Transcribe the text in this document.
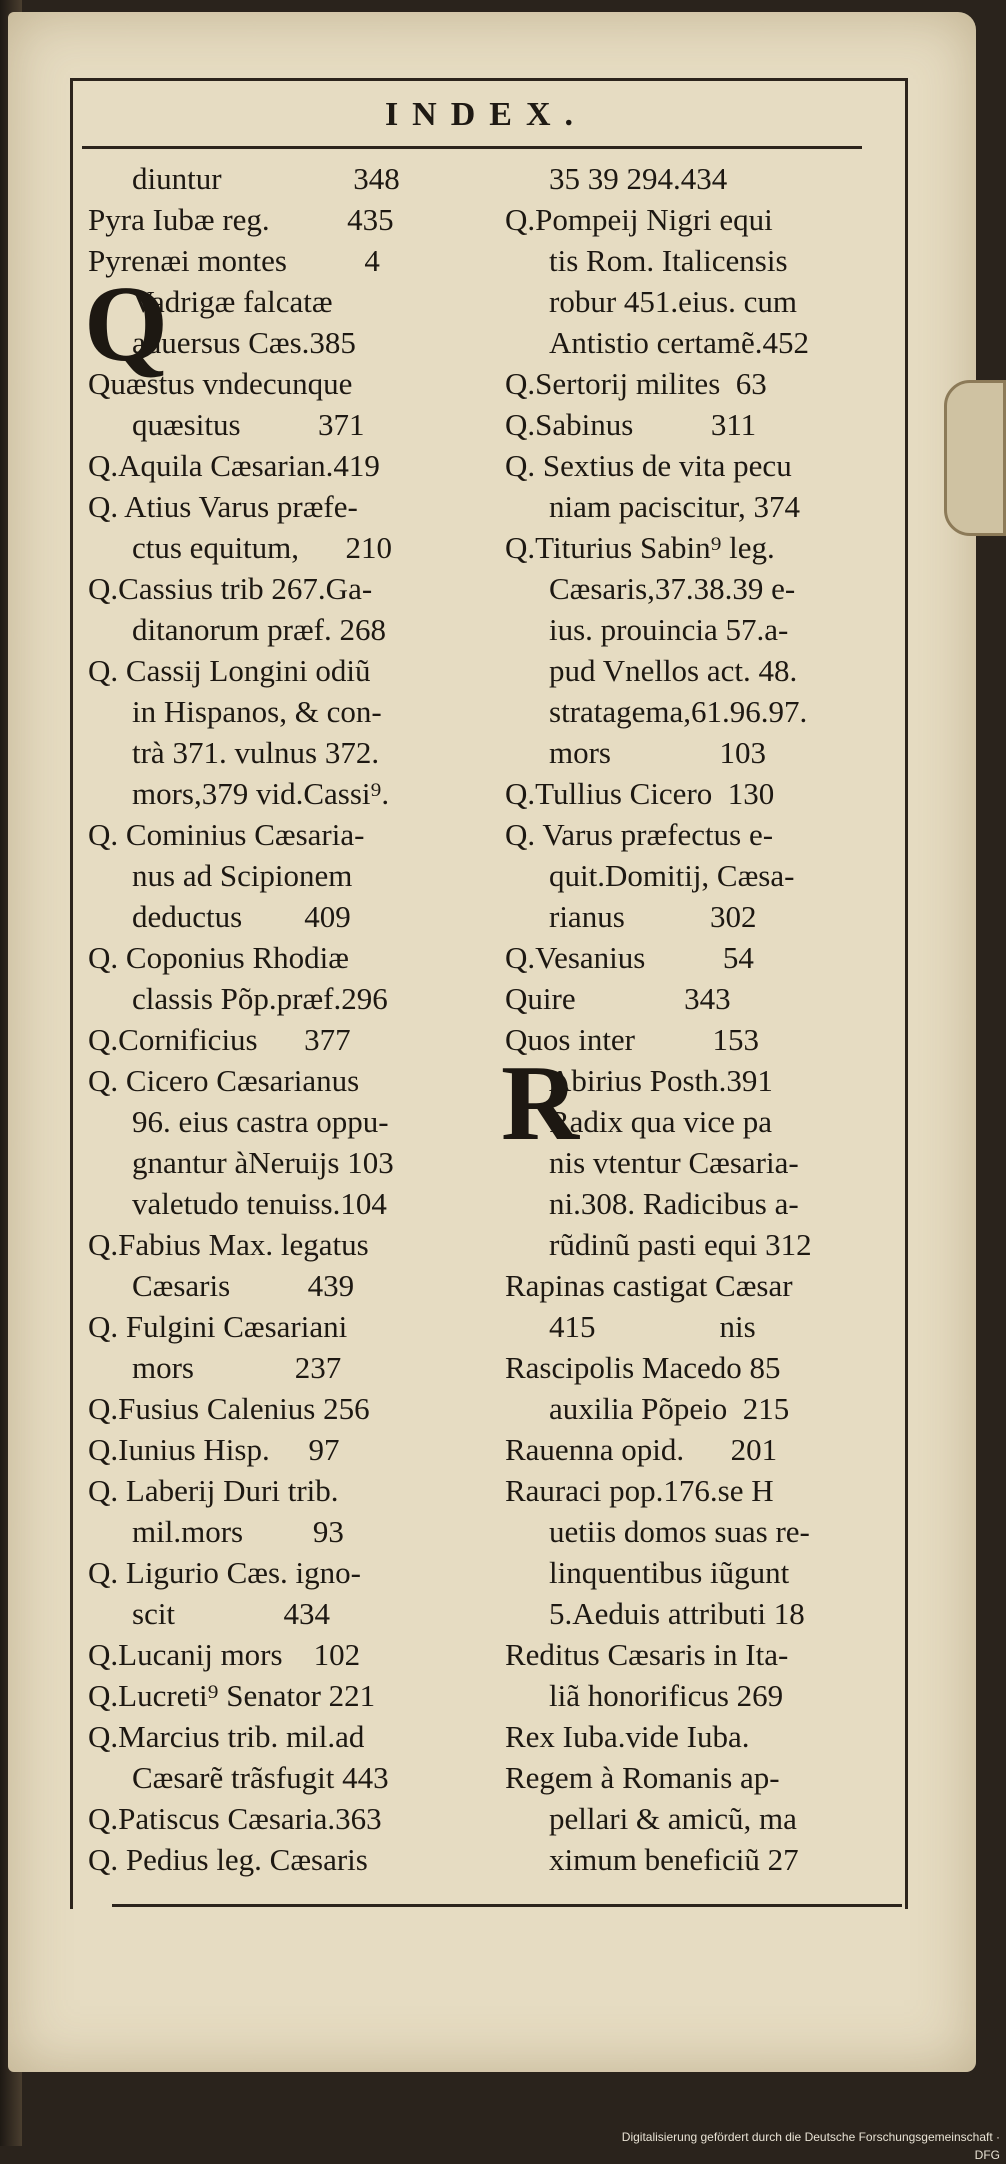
INDEX.
diuntur                 348
Pyra Iubæ reg.          435
Pyrenæi montes          4
Q
Vadrigæ falcatæ
aduersus Cæs.385
Quæstus vndecunque
quæsitus          371
Q.Aquila Cæsarian.419
Q. Atius Varus præfe-
ctus equitum,      210
Q.Cassius trib 267.Ga-
ditanorum præf. 268
Q. Cassij Longini odiũ
in Hispanos, & con-
trà 371. vulnus 372.
mors,379 vid.Cassi⁹.
Q. Cominius Cæsaria-
nus ad Scipionem
deductus        409
Q. Coponius Rhodiæ
classis Põp.præf.296
Q.Cornificius      377
Q. Cicero Cæsarianus
96. eius castra oppu-
gnantur àNeruijs 103
valetudo tenuiss.104
Q.Fabius Max. legatus
Cæsaris          439
Q. Fulgini Cæsariani
mors             237
Q.Fusius Calenius 256
Q.Iunius Hisp.     97
Q. Laberij Duri trib.
mil.mors         93
Q. Ligurio Cæs. igno-
scit              434
Q.Lucanij mors    102
Q.Lucreti⁹ Senator 221
Q.Marcius trib. mil.ad
Cæsarẽ trãsfugit 443
Q.Patiscus Cæsaria.363
Q. Pedius leg. Cæsaris
35 39 294.434
Q.Pompeij Nigri equi
tis Rom. Italicensis
robur 451.eius. cum
Antistio certamẽ.452
Q.Sertorij milites  63
Q.Sabinus          311
Q. Sextius de vita pecu
niam paciscitur, 374
Q.Titurius Sabin⁹ leg.
Cæsaris,37.38.39 e-
ius. prouincia 57.a-
pud Vnellos act. 48.
stratagema,61.96.97.
mors              103
Q.Tullius Cicero  130
Q. Varus præfectus e-
quit.Domitij, Cæsa-
rianus           302
Q.Vesanius          54
Quire              343
Quos inter          153
R
Abirius Posth.391
Radix qua vice pa
nis vtentur Cæsaria-
ni.308. Radicibus a-
rũdinũ pasti equi 312
Rapinas castigat Cæsar
415                nis
Rascipolis Macedo 85
auxilia Põpeio  215
Rauenna opid.      201
Rauraci pop.176.se H
uetiis domos suas re-
linquentibus iũgunt
5.Aeduis attributi 18
Reditus Cæsaris in Ita-
liã honorificus 269
Rex Iuba.vide Iuba.
Regem à Romanis ap-
pellari & amicũ, ma
ximum beneficiũ 27
Digitalisierung gefördert durch die Deutsche Forschungsgemeinschaft · DFG
